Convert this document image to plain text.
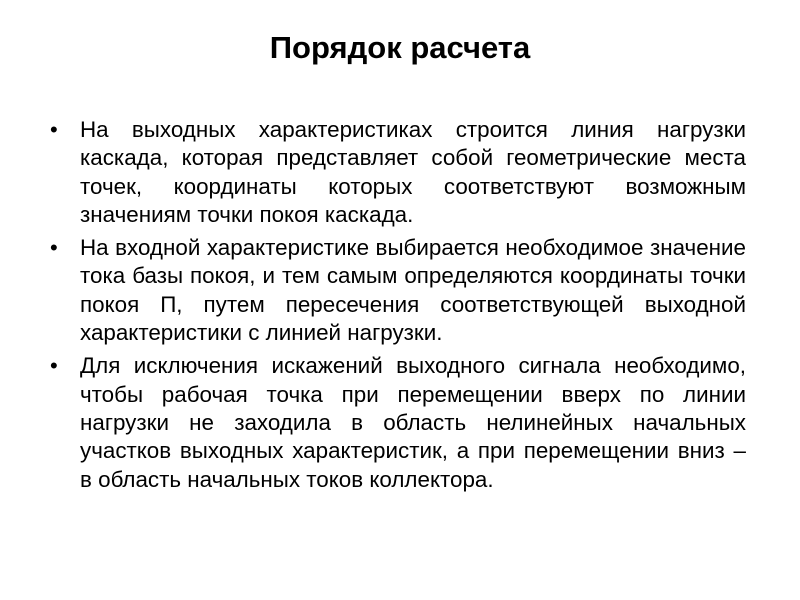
Порядок расчета
• На выходных характеристиках строится линия нагрузки каскада, которая представляет собой геометрические места точек, координаты которых соответствуют возможным значениям точки покоя каскада.
• На входной характеристике выбирается необходимое значение тока базы покоя, и тем самым определяются координаты точки покоя П, путем пересечения соответствующей выходной характеристики с линией нагрузки.
• Для исключения искажений выходного сигнала необходимо, чтобы рабочая точка при перемещении вверх по линии нагрузки не заходила в область нелинейных начальных участков выходных характеристик, а при перемещении вниз – в область начальных токов коллектора.
